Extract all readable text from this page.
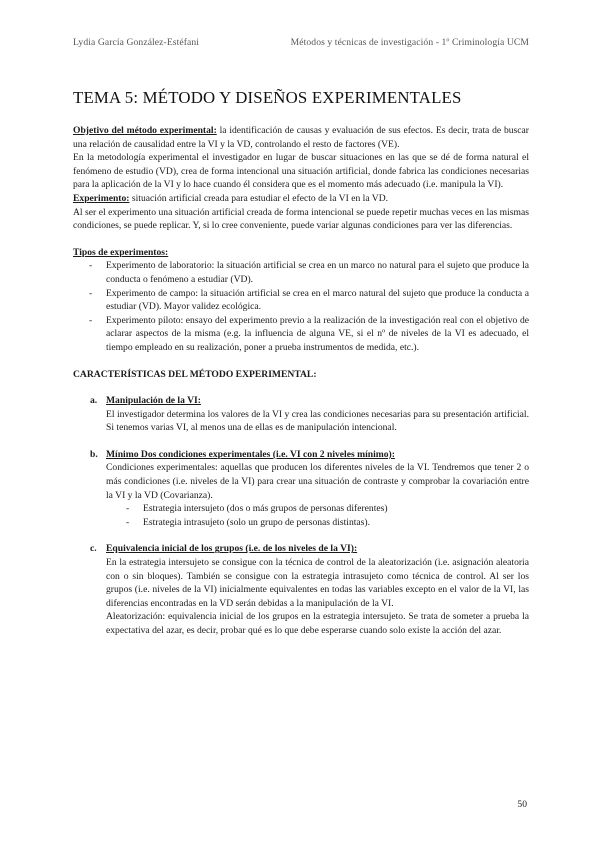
Lydia García González-Estéfani	Métodos y técnicas de investigación - 1º Criminología UCM
TEMA 5: MÉTODO Y DISEÑOS EXPERIMENTALES

Objetivo del método experimental: la identificación de causas y evaluación de sus efectos. Es decir, trata de buscar una relación de causalidad entre la VI y la VD, controlando el resto de factores (VE).

En la metodología experimental el investigador en lugar de buscar situaciones en las que se dé de forma natural el fenómeno de estudio (VD), crea de forma intencional una situación artificial, donde fabrica las condiciones necesarias para la aplicación de la VI y lo hace cuando él considera que es el momento más adecuado (i.e. manipula la VI).

Experimento: situación artificial creada para estudiar el efecto de la VI en la VD.

Al ser el experimento una situación artificial creada de forma intencional se puede repetir muchas veces en las mismas condiciones, se puede replicar. Y, si lo cree conveniente, puede variar algunas condiciones para ver las diferencias.

Tipos de experimentos:

- Experimento de laboratorio: la situación artificial se crea en un marco no natural para el sujeto que produce la conducta o fenómeno a estudiar (VD).
- Experimento de campo: la situación artificial se crea en el marco natural del sujeto que produce la conducta a estudiar (VD). Mayor validez ecológica.
- Experimento piloto: ensayo del experimento previo a la realización de la investigación real con el objetivo de aclarar aspectos de la misma (e.g. la influencia de alguna VE, si el nº de niveles de la VI es adecuado, el tiempo empleado en su realización, poner a prueba instrumentos de medida, etc.).

CARACTERÍSTICAS DEL MÉTODO EXPERIMENTAL:

a. Manipulación de la VI:
El investigador determina los valores de la VI y crea las condiciones necesarias para su presentación artificial. Si tenemos varias VI, al menos una de ellas es de manipulación intencional.
b. Mínimo Dos condiciones experimentales (i.e. VI con 2 niveles mínimo):
Condiciones experimentales: aquellas que producen los diferentes niveles de la VI. Tendremos que tener 2 o más condiciones (i.e. niveles de la VI) para crear una situación de contraste y comprobar la covariación entre la VI y la VD (Covarianza).
- Estrategia intersujeto (dos o más grupos de personas diferentes)
- Estrategia intrasujeto (solo un grupo de personas distintas).
c. Equivalencia inicial de los grupos (i.e. de los niveles de la VI):
En la estrategia intersujeto se consigue con la técnica de control de la aleatorización (i.e. asignación aleatoria con o sin bloques). También se consigue con la estrategia intrasujeto como técnica de control. Al ser los grupos (i.e. niveles de la VI) inicialmente equivalentes en todas las variables excepto en el valor de la VI, las diferencias encontradas en la VD serán debidas a la manipulación de la VI.
Aleatorización: equivalencia inicial de los grupos en la estrategia intersujeto. Se trata de someter a prueba la expectativa del azar, es decir, probar qué es lo que debe esperarse cuando solo existe la acción del azar.
50
